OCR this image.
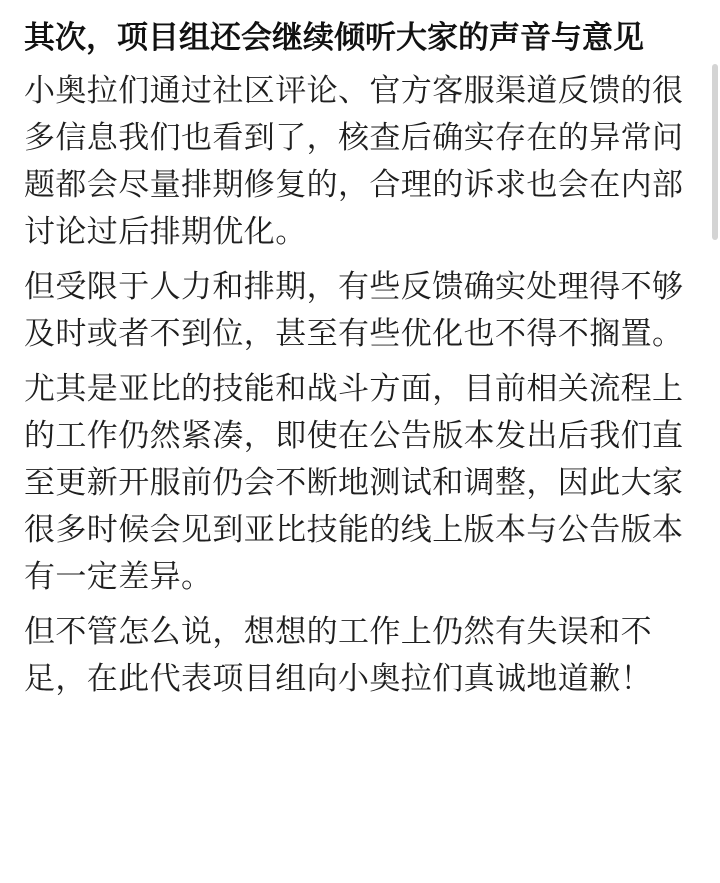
其次，项目组还会继续倾听大家的声音与意见

小奥拉们通过社区评论、官方客服渠道反馈的很多信息我们也看到了，核查后确实存在的异常问题都会尽量排期修复的，合理的诉求也会在内部讨论过后排期优化。

但受限于人力和排期，有些反馈确实处理得不够及时或者不到位，甚至有些优化也不得不搁置。

尤其是亚比的技能和战斗方面，目前相关流程上的工作仍然紧凑，即使在公告版本发出后我们直至更新开服前仍会不断地测试和调整，因此大家很多时候会见到亚比技能的线上版本与公告版本有一定差异。

但不管怎么说，想想的工作上仍然有失误和不足，在此代表项目组向小奥拉们真诚地道歉！
